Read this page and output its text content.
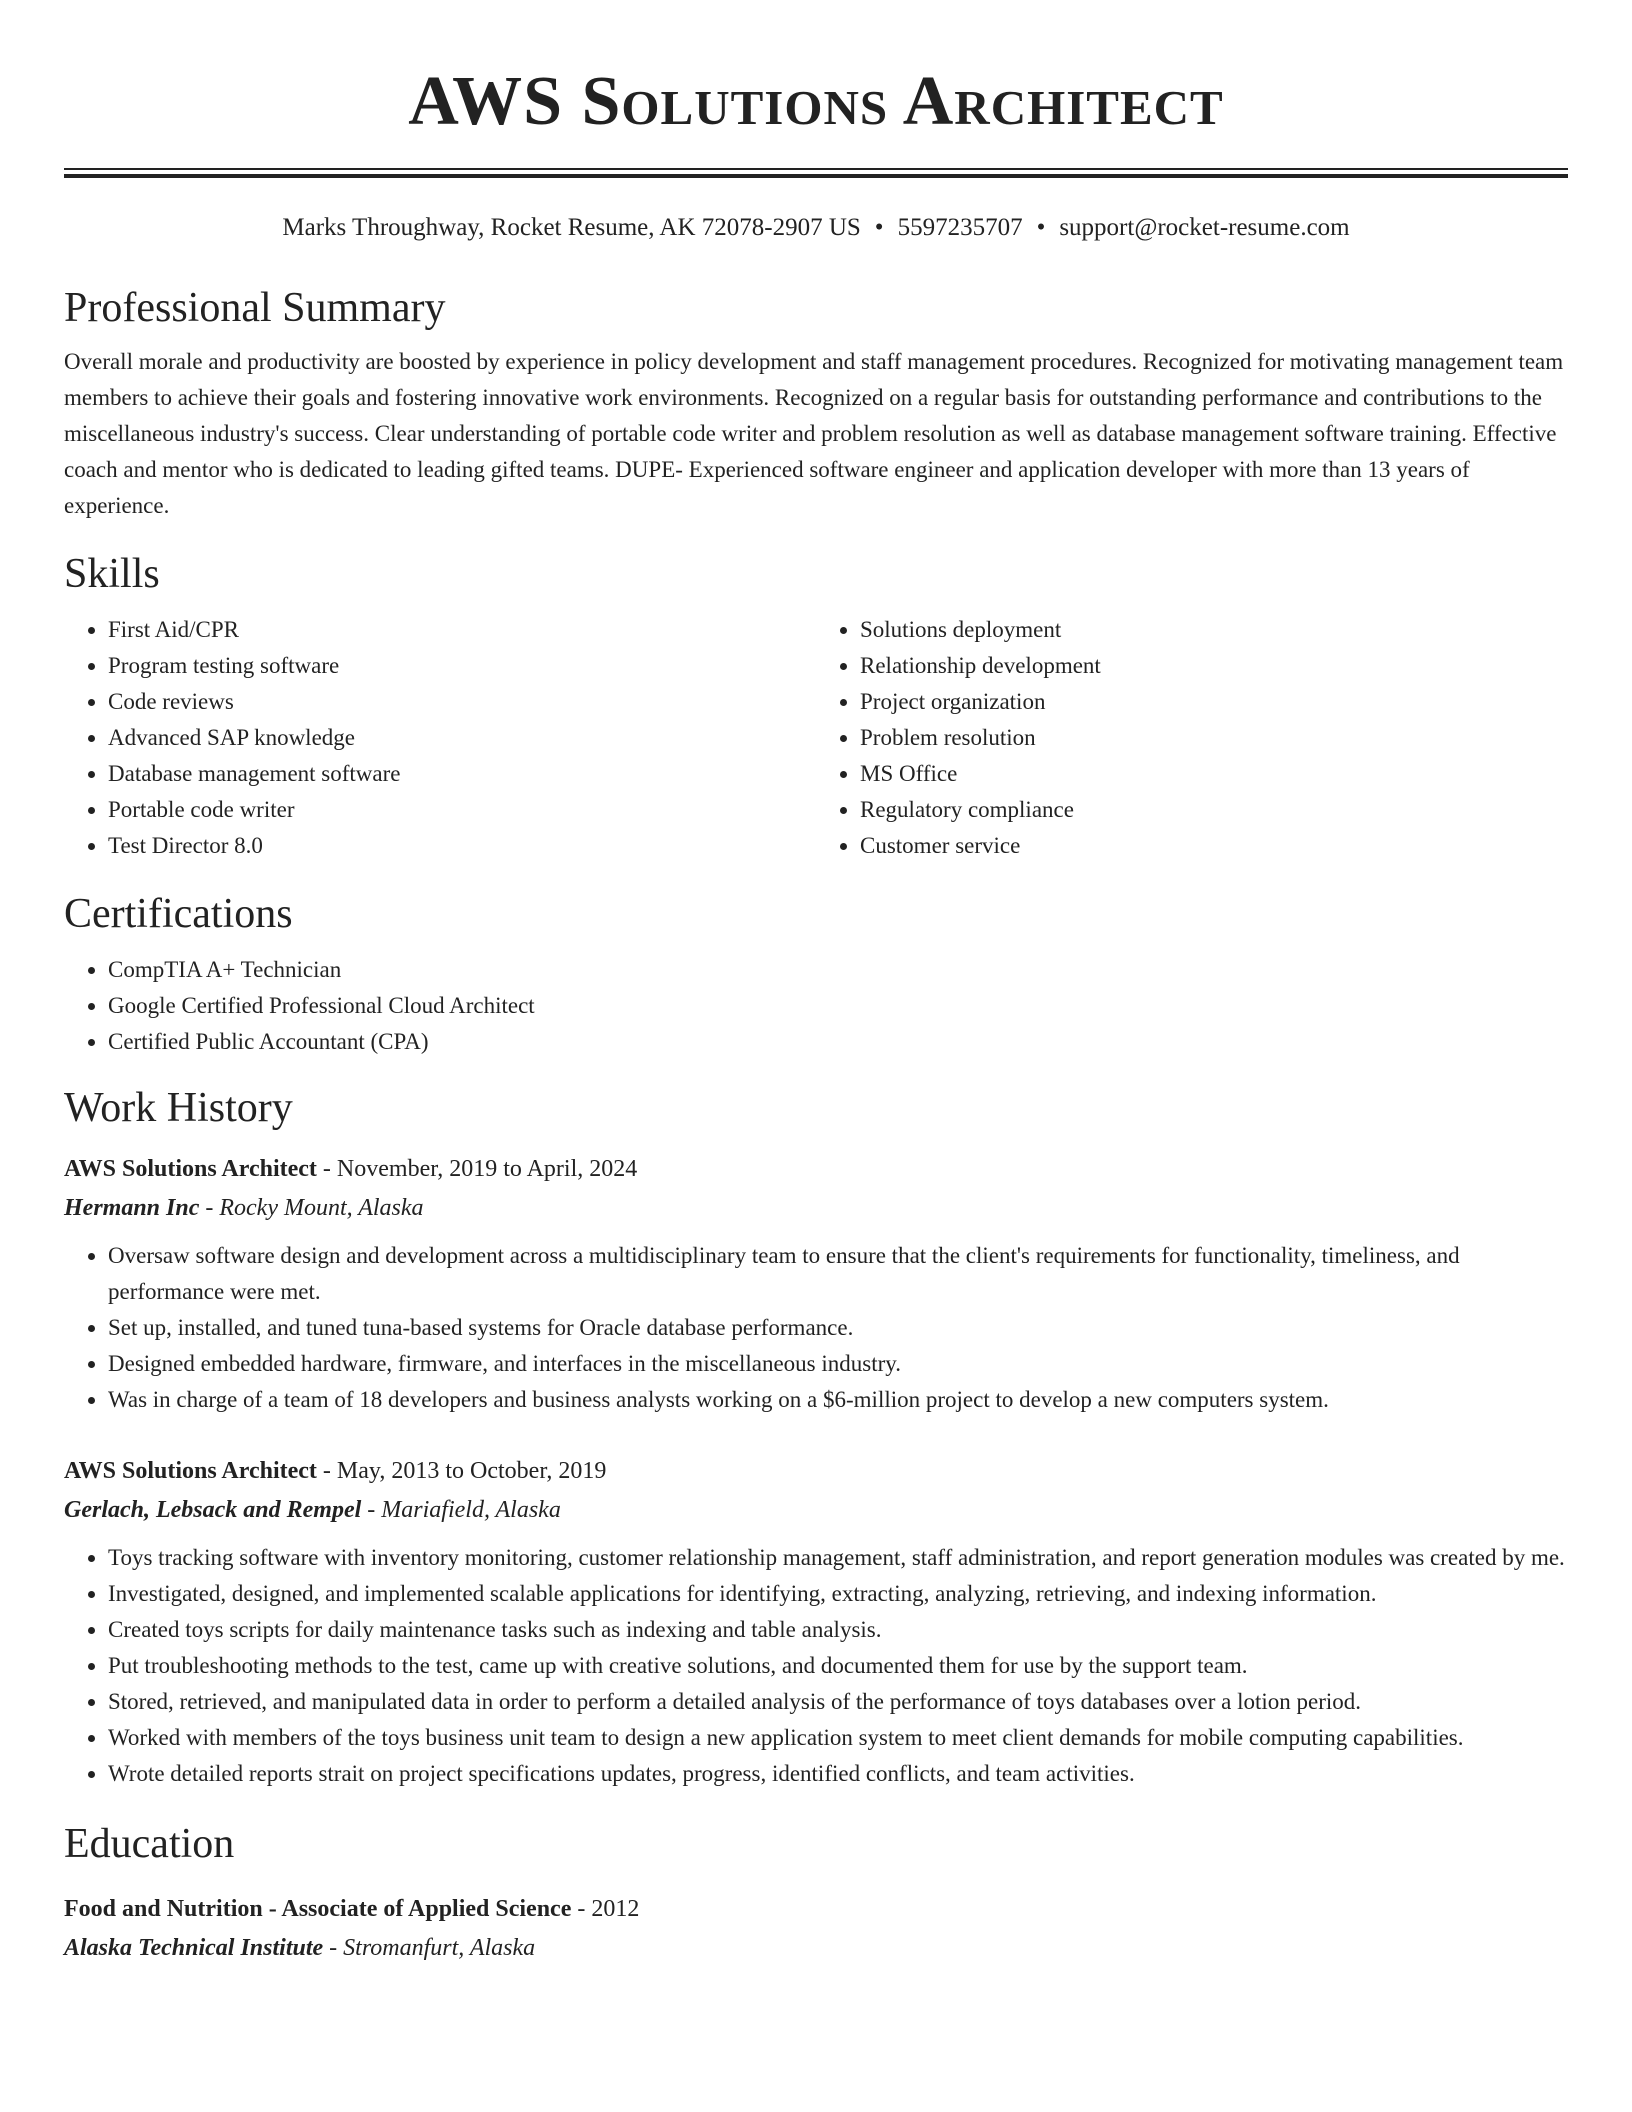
AWS Solutions Architect
Marks Throughway, Rocket Resume, AK 72078-2907 US • 5597235707 • support@rocket-resume.com
Professional Summary

Overall morale and productivity are boosted by experience in policy development and staff management procedures. Recognized for motivating management team members to achieve their goals and fostering innovative work environments. Recognized on a regular basis for outstanding performance and contributions to the miscellaneous industry's success. Clear understanding of portable code writer and problem resolution as well as database management software training. Effective coach and mentor who is dedicated to leading gifted teams. DUPE- Experienced software engineer and application developer with more than 13 years of experience.

Skills
• First Aid/CPR
• Program testing software
• Code reviews
• Advanced SAP knowledge
• Database management software
• Portable code writer
• Test Director 8.0
• Solutions deployment
• Relationship development
• Project organization
• Problem resolution
• MS Office
• Regulatory compliance
• Customer service
Certifications
• CompTIA A+ Technician
• Google Certified Professional Cloud Architect
• Certified Public Accountant (CPA)
Work History
AWS Solutions Architect - November, 2019 to April, 2024
Hermann Inc - Rocky Mount, Alaska
• Oversaw software design and development across a multidisciplinary team to ensure that the client's requirements for functionality, timeliness, and performance were met.
• Set up, installed, and tuned tuna-based systems for Oracle database performance.
• Designed embedded hardware, firmware, and interfaces in the miscellaneous industry.
• Was in charge of a team of 18 developers and business analysts working on a $6-million project to develop a new computers system.
AWS Solutions Architect - May, 2013 to October, 2019
Gerlach, Lebsack and Rempel - Mariafield, Alaska
• Toys tracking software with inventory monitoring, customer relationship management, staff administration, and report generation modules was created by me.
• Investigated, designed, and implemented scalable applications for identifying, extracting, analyzing, retrieving, and indexing information.
• Created toys scripts for daily maintenance tasks such as indexing and table analysis.
• Put troubleshooting methods to the test, came up with creative solutions, and documented them for use by the support team.
• Stored, retrieved, and manipulated data in order to perform a detailed analysis of the performance of toys databases over a lotion period.
• Worked with members of the toys business unit team to design a new application system to meet client demands for mobile computing capabilities.
• Wrote detailed reports strait on project specifications updates, progress, identified conflicts, and team activities.
Education
Food and Nutrition - Associate of Applied Science - 2012
Alaska Technical Institute - Stromanfurt, Alaska
